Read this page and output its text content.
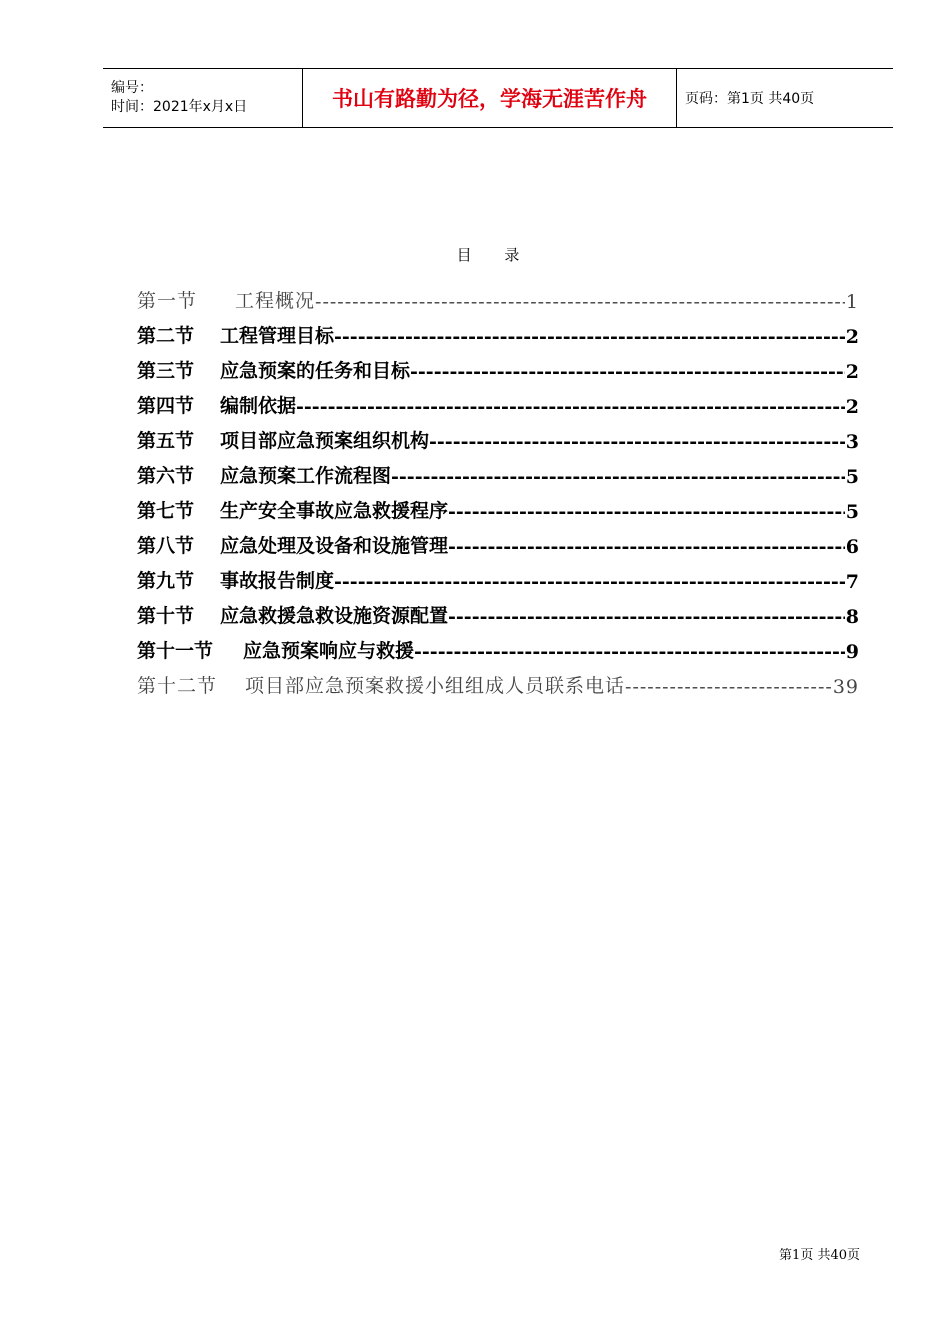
编号：
时间：2021年x月x日	书山有路勤为径，学海无涯苦作舟	页码：第1页 共40页
目 录
第一节 工程概况 -----	1
第二节 工程管理目标 -----	2
第三节 应急预案的任务和目标 -----	2
第四节 编制依据 -----	2
第五节 项目部应急预案组织机构 -----	3
第六节 应急预案工作流程图 -----	5
第七节 生产安全事故应急救援程序 -----	5
第八节 应急处理及设备和设施管理 -----	6
第九节 事故报告制度 -----	7
第十节 应急救援急救设施资源配置 -----	8
第十一节 应急预案响应与救援 -----	9
第十二节 项目部应急预案救援小组组成人员联系电话 -----	39
第1页 共40页
